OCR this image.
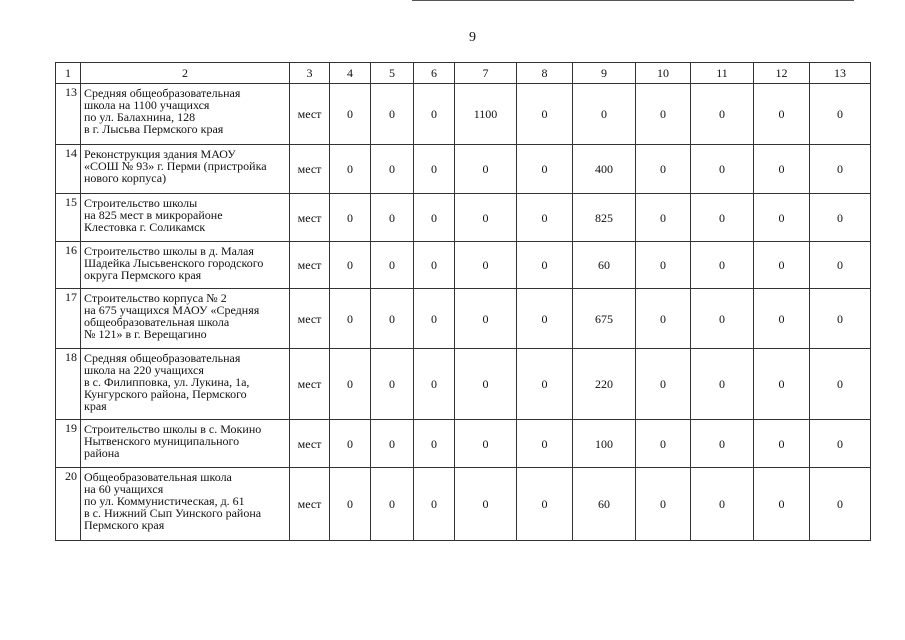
9
1	2	3	4	5	6	7	8	9	10	11	12	13
13	Средняя общеобразовательная
школа на 1100 учащихся
по ул. Балахнина, 128
в г. Лысьва Пермского края	мест	0	0	0	1100	0	0	0	0	0	0
14	Реконструкция здания МАОУ
«СОШ № 93» г. Перми (пристройка
нового корпуса)	мест	0	0	0	0	0	400	0	0	0	0
15	Строительство школы
на 825 мест в микрорайоне
Клестовка г. Соликамск	мест	0	0	0	0	0	825	0	0	0	0
16	Строительство школы в д. Малая
Шадейка Лысьвенского городского
округа Пермского края	мест	0	0	0	0	0	60	0	0	0	0
17	Строительство корпуса № 2
на 675 учащихся МАОУ «Средняя
общеобразовательная школа
№ 121» в г. Верещагино	мест	0	0	0	0	0	675	0	0	0	0
18	Средняя общеобразовательная
школа на 220 учащихся
в с. Филипповка, ул. Лукина, 1а,
Кунгурского района, Пермского
края	мест	0	0	0	0	0	220	0	0	0	0
19	Строительство школы в с. Мокино
Нытвенского муниципального
района	мест	0	0	0	0	0	100	0	0	0	0
20	Общеобразовательная школа
на 60 учащихся
по ул. Коммунистическая, д. 61
в с. Нижний Сып Уинского района
Пермского края	мест	0	0	0	0	0	60	0	0	0	0
